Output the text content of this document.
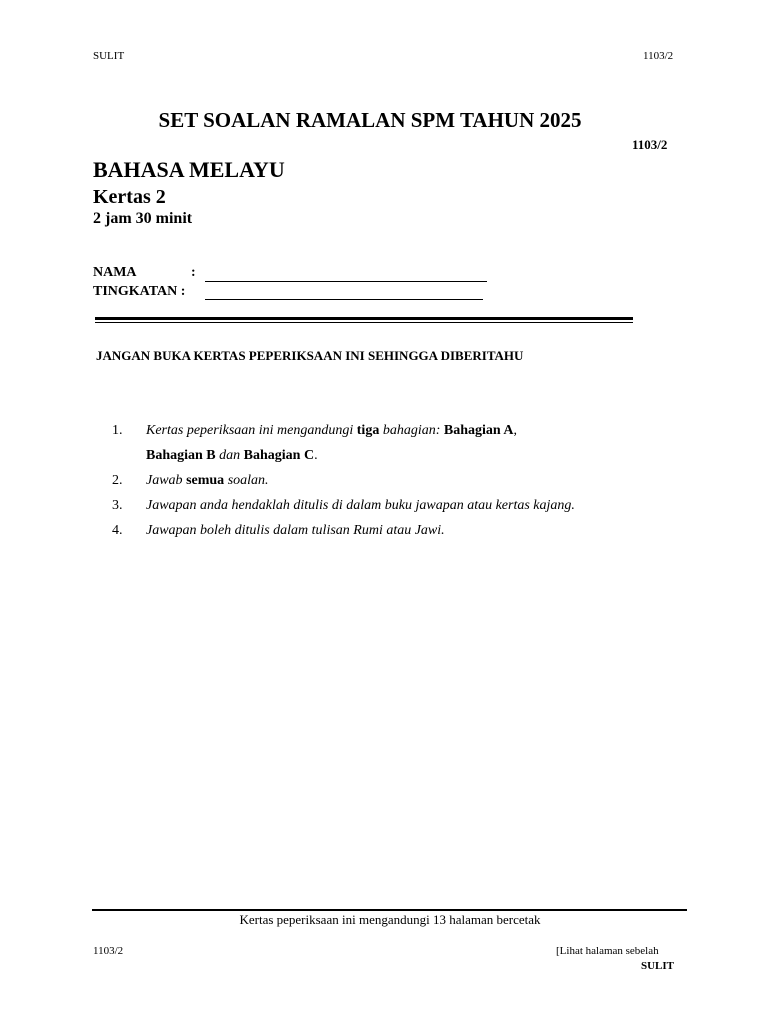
SULIT	1103/2
SET SOALAN RAMALAN SPM TAHUN 2025
1103/2
BAHASA MELAYU
Kertas 2
2 jam 30 minit
NAMA	:
TINGKATAN :
JANGAN BUKA KERTAS PEPERIKSAAN INI SEHINGGA DIBERITAHU
1. Kertas peperiksaan ini mengandungi tiga bahagian: Bahagian A,
Bahagian B dan Bahagian C.
2. Jawab semua soalan.
3. Jawapan anda hendaklah ditulis di dalam buku jawapan atau kertas kajang.
4. Jawapan boleh ditulis dalam tulisan Rumi atau Jawi.
Kertas peperiksaan ini mengandungi 13 halaman bercetak
1103/2	[Lihat halaman sebelah
SULIT
